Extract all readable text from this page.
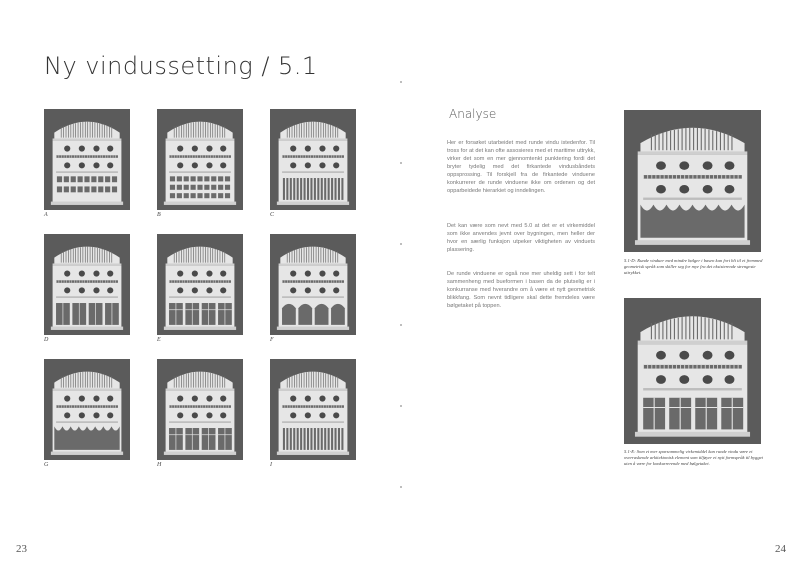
Ny vindussetting / 5.1
A	B	C
D	E	F
G	H	I
Analyse

Her er forsøket utarbeidet med runde vindu istedenfor. Til tross for at det kan ofte assosieres med et maritime uttrykk, virker det som en mer gjennomtenkt punktering fordi det bryter tydelig med det firkantede vindusbåndets oppsprossing. Til forskjell fra de firkantede vinduene konkurrerer de runde vinduene ikke om ordenen og det opparbeidede hierarkiet og inndelingen.

Det kan være som nevt med 5.0 at det er et virkemiddel som ikke anvendes jevnt over bygningen, men heller der hvor en særlig funksjon utpeker viktigheten av vinduets plassering.

De runde vinduene er også noe mer uheldig sett i for telt sammenheng med bueformen i basen da de plutselig er i konkurranse med hverandre om å være et nytt geometrisk blikkfang. Som nevnt tidligere skal dette fremdeles være bølgetaket på toppen.

5.1-D: Runde vinduer med mindre bølger i basen kan fort bli til et fremmed geometrisk språk som skiller seg for mye fra det eksisterende strengeste uttrykket.

5.1-E: Som et mer sparsommelig virkemiddel kan runde vindu være et overraskende arkitektonisk element som tilføyer et nytt formspråk til bygget uten å være for konkurrerende med bølgetaket.

23	24
